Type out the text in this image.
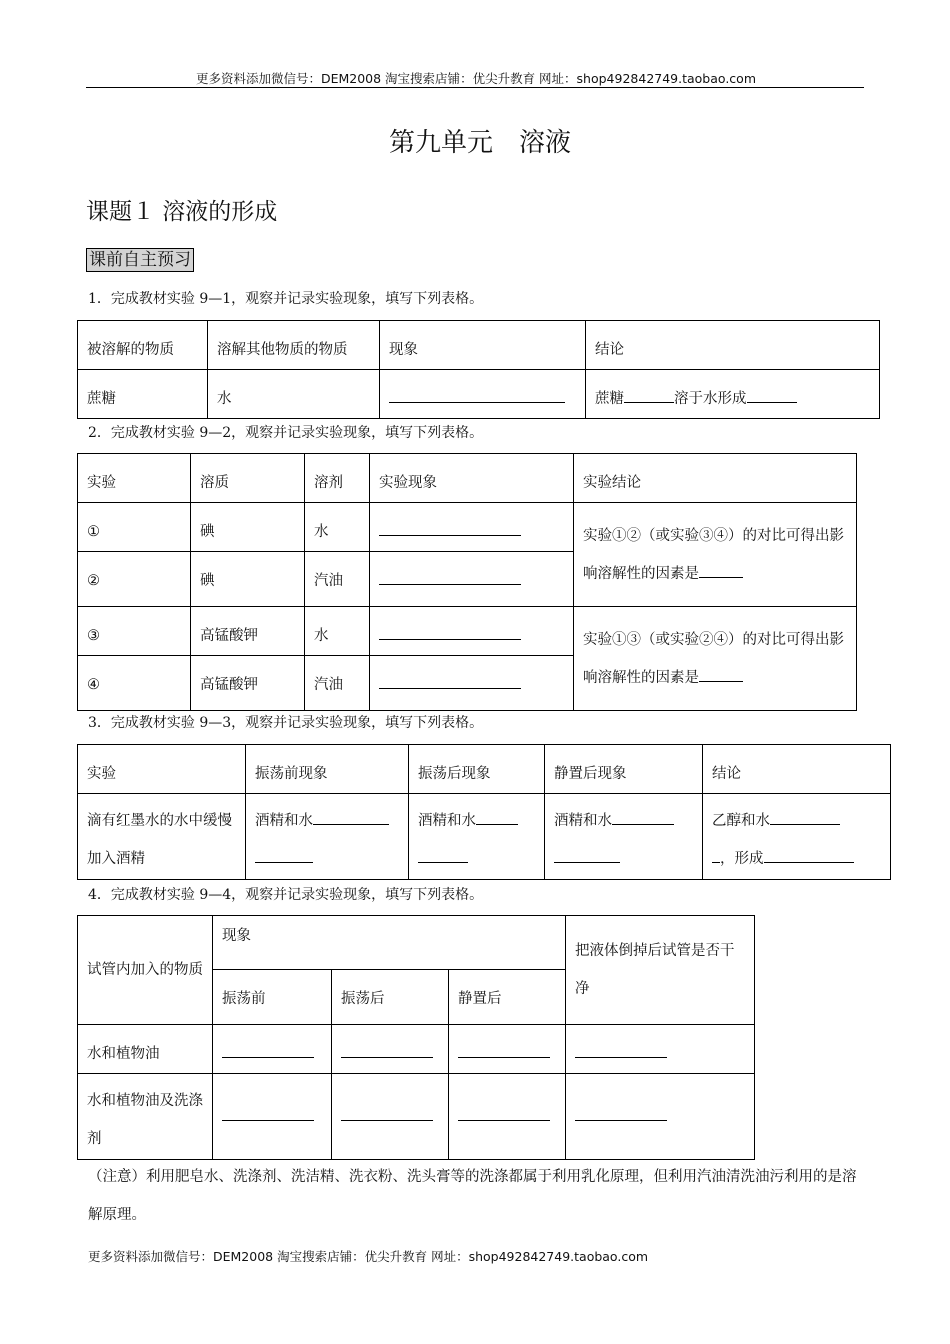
更多资料添加微信号：DEM2008 淘宝搜索店铺：优尖升教育 网址：shop492842749.taobao.com
第九单元　溶液
课题１ 溶液的形成
课前自主预习
1．完成教材实验 9—1，观察并记录实验现象，填写下列表格。
被溶解的物质	溶解其他物质的物质	现象	结论
蔗糖	水		蔗糖 溶于水形成
2．完成教材实验 9—2，观察并记录实验现象，填写下列表格。
实验	溶质	溶剂	实验现象	实验结论
①	碘	水		实验①②（或实验③④）的对比可得出影响溶解性的因素是
②	碘	汽油		
③	高锰酸钾	水		实验①③（或实验②④）的对比可得出影响溶解性的因素是
④	高锰酸钾	汽油		
3．完成教材实验 9—3，观察并记录实验现象，填写下列表格。
实验	振荡前现象	振荡后现象	静置后现象	结论
滴有红墨水的水中缓慢加入酒精	酒精和水	酒精和水	酒精和水	乙醇和水
，形成
4．完成教材实验 9—4，观察并记录实验现象，填写下列表格。
试管内加入的物质	现象			把液体倒掉后试管是否干净
	振荡前	振荡后	静置后	
水和植物油				
水和植物油及洗涤剂				
（注意）利用肥皂水、洗涤剂、洗洁精、洗衣粉、洗头膏等的洗涤都属于利用乳化原理，但利用汽油清洗油污利用的是溶解原理。
更多资料添加微信号：DEM2008 淘宝搜索店铺：优尖升教育 网址：shop492842749.taobao.com
